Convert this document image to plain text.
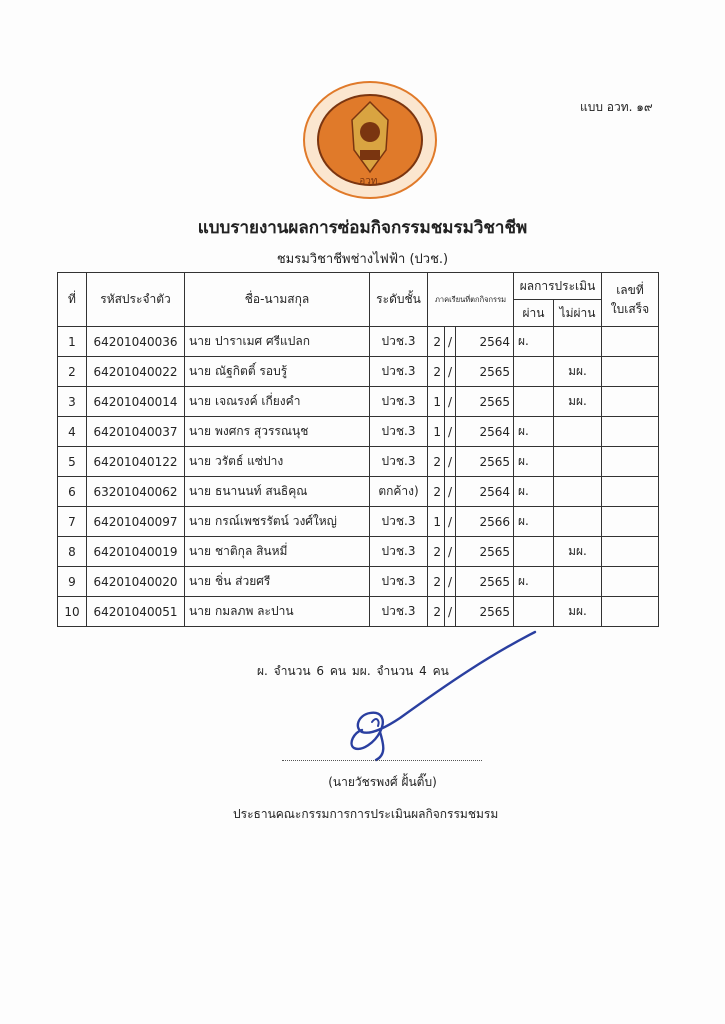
แบบ อวท. ๑๙
อวท.
แบบรายงานผลการซ่อมกิจกรรมชมรมวิชาชีพ
ชมรมวิชาชีพช่างไฟฟ้า (ปวช.)
ที่	รหัสประจำตัว	ชื่อ-นามสกุล	ระดับชั้น	ภาคเรียนที่ตกกิจกรรม			ผลการประเมิน		เลขที่
ใบเสร็จ

							ผ่าน	ไม่ผ่าน	
1	64201040036	นาย ปาราเมศ ศรีแปลก	ปวช.3	2	/	2564	ผ.		
2	64201040022	นาย ณัฐกิตติ์ รอบรู้	ปวช.3	2	/	2565		มผ.	
3	64201040014	นาย เจณรงค์ เกี่ยงคำ	ปวช.3	1	/	2565		มผ.	
4	64201040037	นาย พงศกร สุวรรณนุช	ปวช.3	1	/	2564	ผ.		
5	64201040122	นาย วรัตธ์ แซ่ปาง	ปวช.3	2	/	2565	ผ.		
6	63201040062	นาย ธนานนท์ สนธิคุณ	ตกค้าง)	2	/	2564	ผ.		
7	64201040097	นาย กรณ์เพชรรัตน์ วงศ์ใหญ่	ปวช.3	1	/	2566	ผ.		
8	64201040019	นาย ชาติกุล สินหมี่	ปวช.3	2	/	2565		มผ.	
9	64201040020	นาย ชิ่น ส่วยศรี	ปวช.3	2	/	2565	ผ.		
10	64201040051	นาย กมลภพ ละปาน	ปวช.3	2	/	2565		มผ.	
ผ. จำนวน 6 คน มผ. จำนวน 4 คน
(นายวัชรพงศ์ ฝั้นติ๊บ)
ประธานคณะกรรมการการประเมินผลกิจกรรมชมรม
